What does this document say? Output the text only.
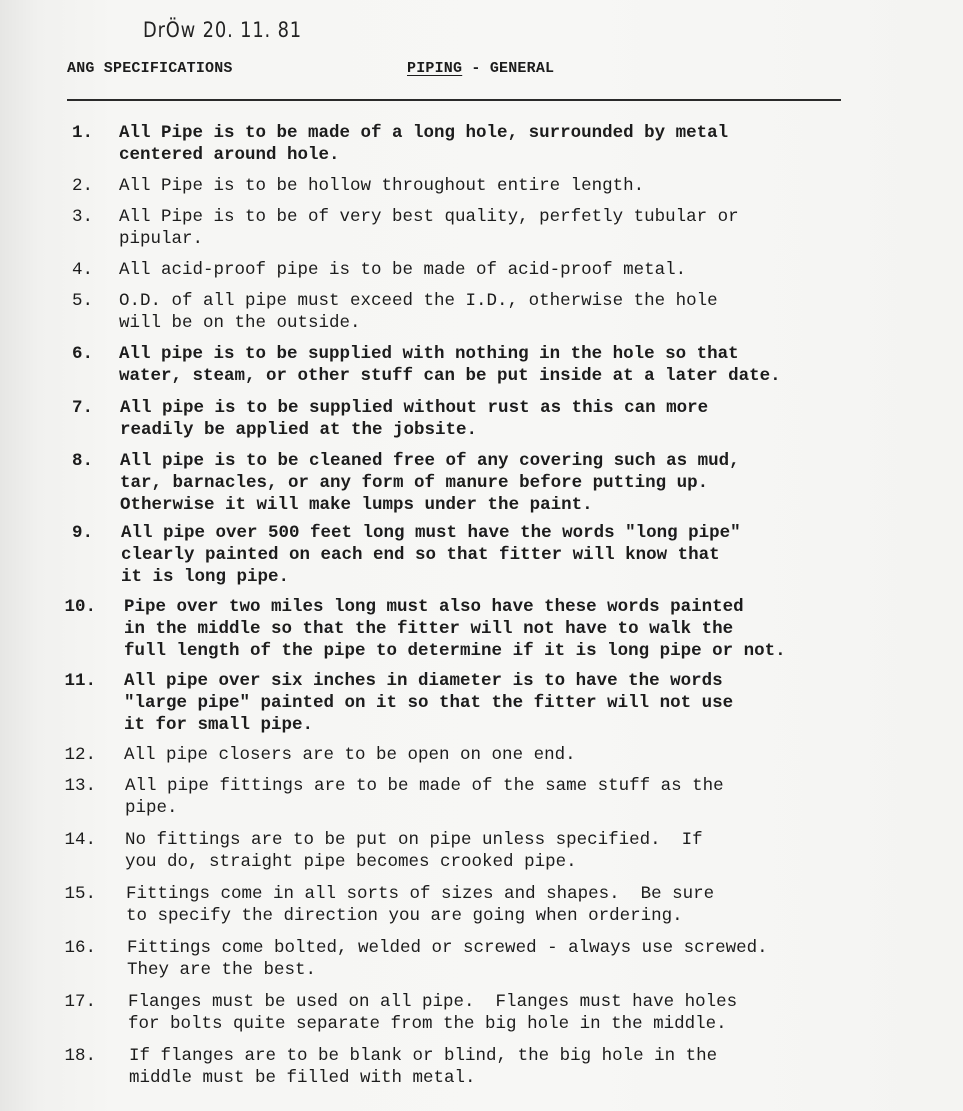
DrÖw 20. 11. 81
ANG SPECIFICATIONS	PIPING - GENERAL
1. All Pipe is to be made of a long hole, surrounded by metal
centered around hole.
2. All Pipe is to be hollow throughout entire length.
3. All Pipe is to be of very best quality, perfetly tubular or
pipular.
4. All acid-proof pipe is to be made of acid-proof metal.
5. O.D. of all pipe must exceed the I.D., otherwise the hole
will be on the outside.
6. All pipe is to be supplied with nothing in the hole so that
water, steam, or other stuff can be put inside at a later date.
7. All pipe is to be supplied without rust as this can more
readily be applied at the jobsite.
8. All pipe is to be cleaned free of any covering such as mud,
tar, barnacles, or any form of manure before putting up.
Otherwise it will make lumps under the paint.
9. All pipe over 500 feet long must have the words "long pipe"
clearly painted on each end so that fitter will know that
it is long pipe.
10. Pipe over two miles long must also have these words painted
in the middle so that the fitter will not have to walk the
full length of the pipe to determine if it is long pipe or not.
11. All pipe over six inches in diameter is to have the words
"large pipe" painted on it so that the fitter will not use
it for small pipe.
12. All pipe closers are to be open on one end.
13. All pipe fittings are to be made of the same stuff as the
pipe.
14. No fittings are to be put on pipe unless specified.  If
you do, straight pipe becomes crooked pipe.
15. Fittings come in all sorts of sizes and shapes.  Be sure
to specify the direction you are going when ordering.
16. Fittings come bolted, welded or screwed - always use screwed.
They are the best.
17. Flanges must be used on all pipe.  Flanges must have holes
for bolts quite separate from the big hole in the middle.
18. If flanges are to be blank or blind, the big hole in the
middle must be filled with metal.
